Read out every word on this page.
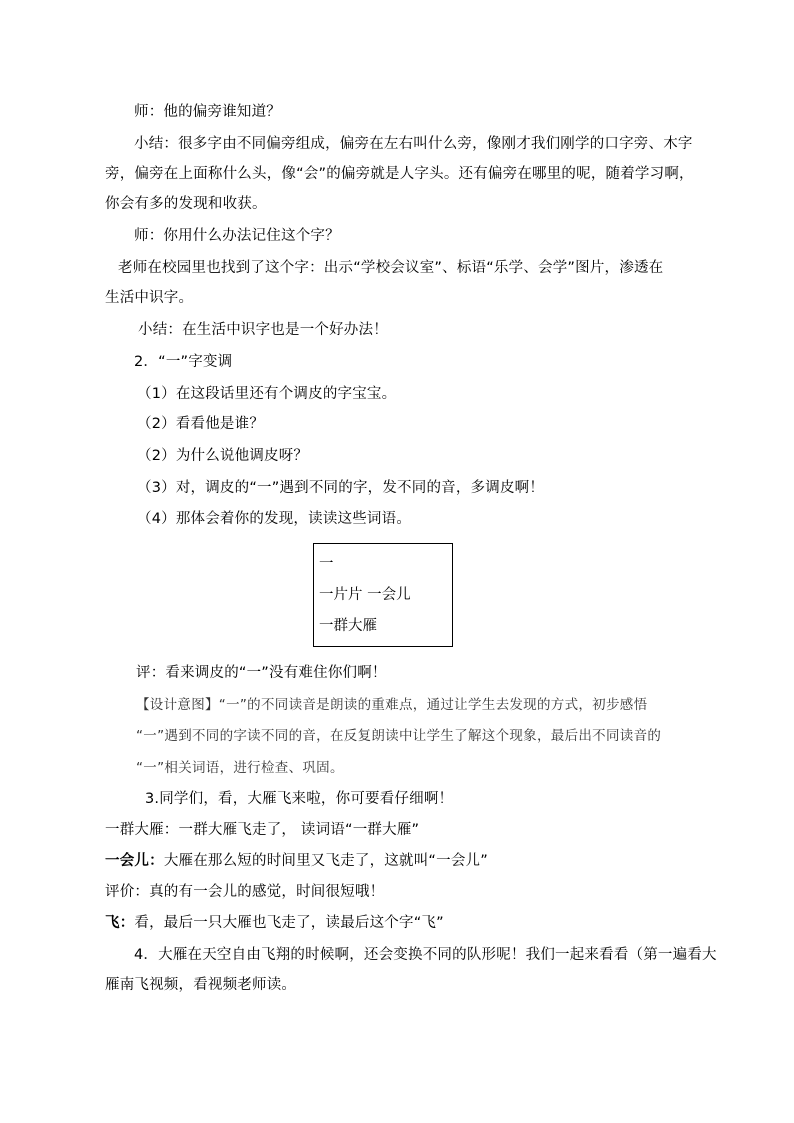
师：他的偏旁谁知道？
小结：很多字由不同偏旁组成，偏旁在左右叫什么旁，像刚才我们刚学的口字旁、木字
旁，偏旁在上面称什么头，像“会”的偏旁就是人字头。还有偏旁在哪里的呢，随着学习啊，
你会有多的发现和收获。
师：你用什么办法记住这个字？
老师在校园里也找到了这个字：出示“学校会议室”、标语“乐学、会学”图片，渗透在
生活中识字。
小结：在生活中识字也是一个好办法！
2．“一”字变调
（1）在这段话里还有个调皮的字宝宝。
（2）看看他是谁？
（2）为什么说他调皮呀？
（3）对，调皮的“一”遇到不同的字，发不同的音，多调皮啊！
（4）那体会着你的发现，读读这些词语。
一
一片片 一会儿
一群大雁
评：看来调皮的“一”没有难住你们啊！
【设计意图】“一”的不同读音是朗读的重难点，通过让学生去发现的方式，初步感悟
“一”遇到不同的字读不同的音，在反复朗读中让学生了解这个现象，最后出不同读音的
“一”相关词语，进行检查、巩固。
3.同学们，看，大雁飞来啦，你可要看仔细啊！
一群大雁：一群大雁飞走了， 读词语“一群大雁”
一会儿：大雁在那么短的时间里又飞走了，这就叫“一会儿”
评价：真的有一会儿的感觉，时间很短哦！
飞：看，最后一只大雁也飞走了，读最后这个字“飞”
4．大雁在天空自由飞翔的时候啊，还会变换不同的队形呢！我们一起来看看（第一遍看大
雁南飞视频，看视频老师读。
